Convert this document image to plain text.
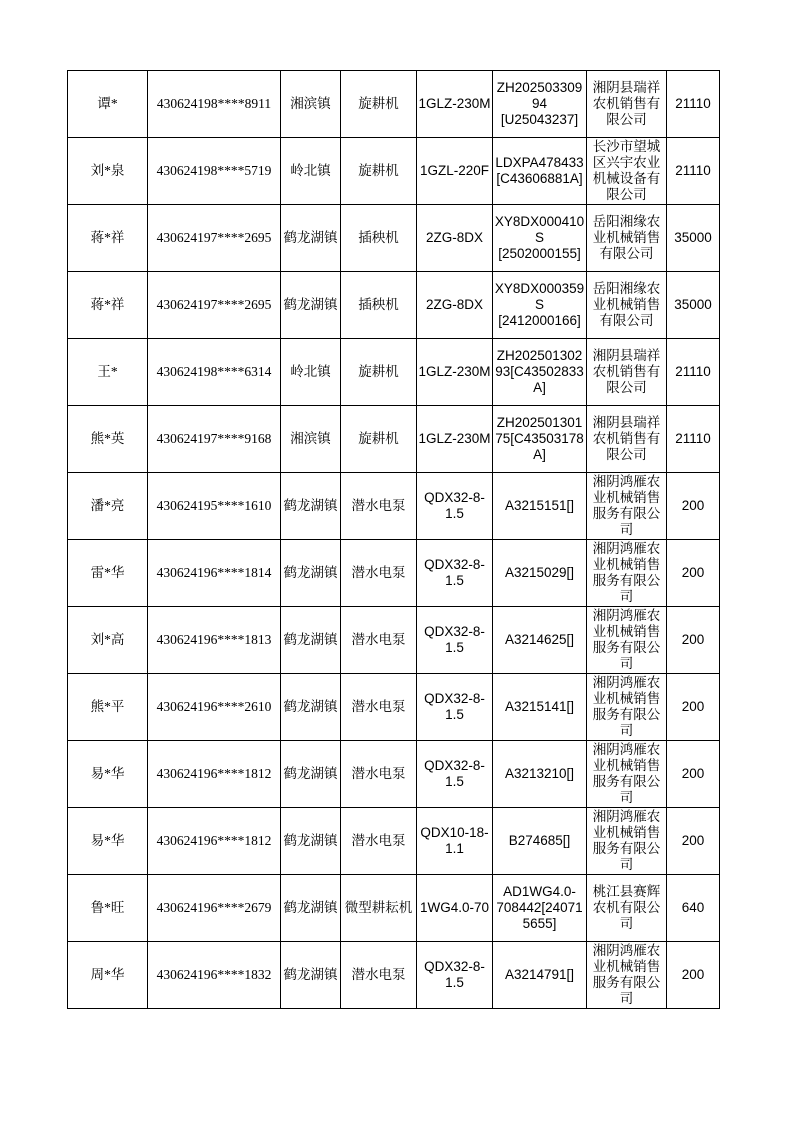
谭*	430624198****8911	湘滨镇	旋耕机	1GLZ-230M	ZH20250330994 [U25043237]	湘阴县瑞祥农机销售有限公司	21110
刘*泉	430624198****5719	岭北镇	旋耕机	1GZL-220F	LDXPA478433 [C43606881A]	长沙市望城区兴宇农业机械设备有限公司	21110
蒋*祥	430624197****2695	鹤龙湖镇	插秧机	2ZG-8DX	XY8DX000410S [2502000155]	岳阳湘缘农业机械销售有限公司	35000
蒋*祥	430624197****2695	鹤龙湖镇	插秧机	2ZG-8DX	XY8DX000359S [2412000166]	岳阳湘缘农业机械销售有限公司	35000
王*	430624198****6314	岭北镇	旋耕机	1GLZ-230M	ZH20250130293[C43502833A]	湘阴县瑞祥农机销售有限公司	21110
熊*英	430624197****9168	湘滨镇	旋耕机	1GLZ-230M	ZH20250130175[C43503178A]	湘阴县瑞祥农机销售有限公司	21110
潘*亮	430624195****1610	鹤龙湖镇	潜水电泵	QDX32-8-1.5	A3215151[]	湘阴鸿雁农业机械销售服务有限公司	200
雷*华	430624196****1814	鹤龙湖镇	潜水电泵	QDX32-8-1.5	A3215029[]	湘阴鸿雁农业机械销售服务有限公司	200
刘*高	430624196****1813	鹤龙湖镇	潜水电泵	QDX32-8-1.5	A3214625[]	湘阴鸿雁农业机械销售服务有限公司	200
熊*平	430624196****2610	鹤龙湖镇	潜水电泵	QDX32-8-1.5	A3215141[]	湘阴鸿雁农业机械销售服务有限公司	200
易*华	430624196****1812	鹤龙湖镇	潜水电泵	QDX32-8-1.5	A3213210[]	湘阴鸿雁农业机械销售服务有限公司	200
易*华	430624196****1812	鹤龙湖镇	潜水电泵	QDX10-18-1.1	B274685[]	湘阴鸿雁农业机械销售服务有限公司	200
鲁*旺	430624196****2679	鹤龙湖镇	微型耕耘机	1WG4.0-70	AD1WG4.0-708442[240715655]	桃江县赛辉农机有限公司	640
周*华	430624196****1832	鹤龙湖镇	潜水电泵	QDX32-8-1.5	A3214791[]	湘阴鸿雁农业机械销售服务有限公司	200
